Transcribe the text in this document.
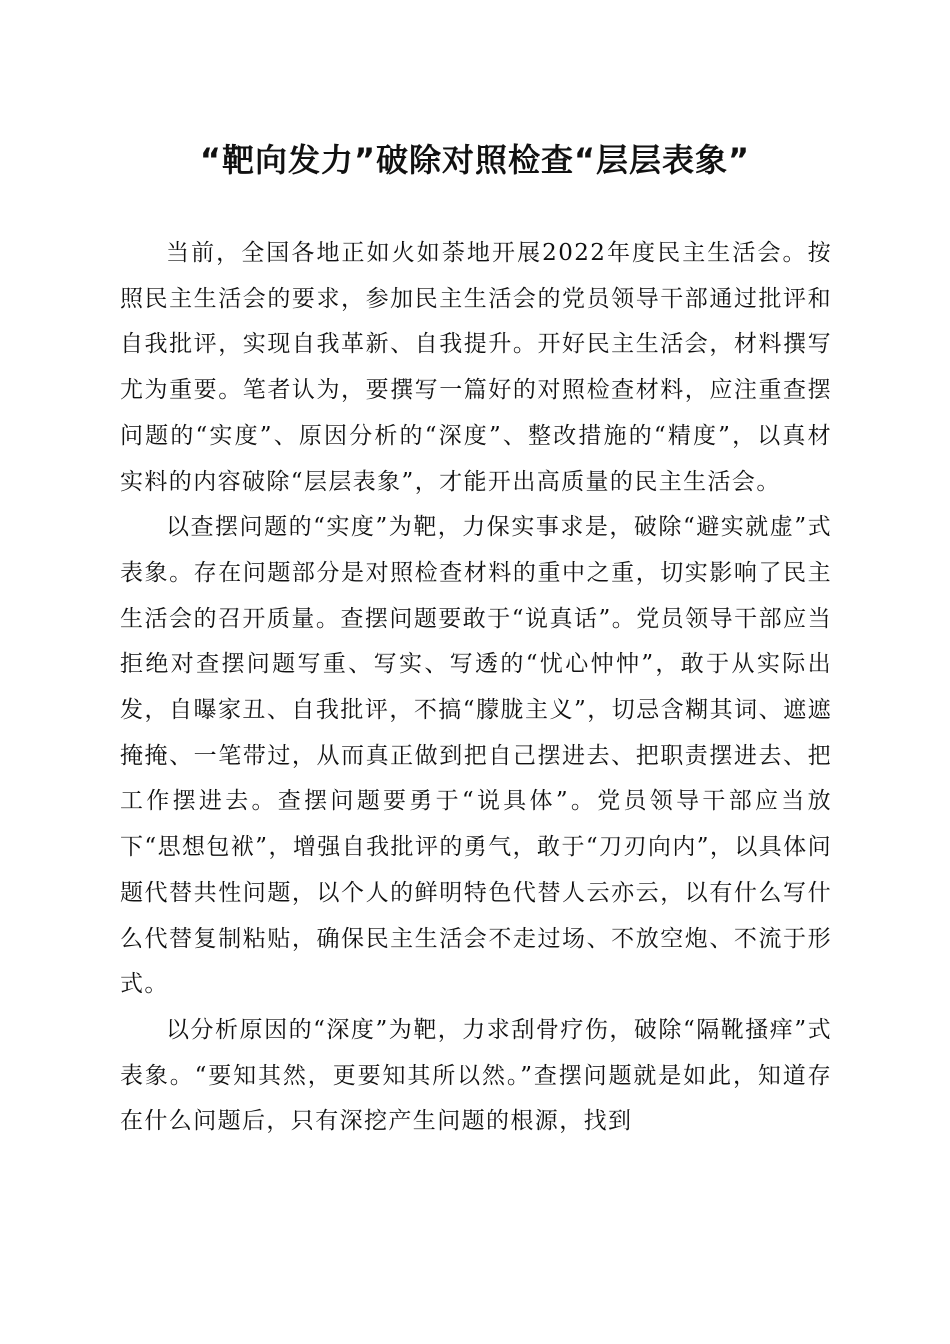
“靶向发力”破除对照检查“层层表象”

当前，全国各地正如火如荼地开展2022年度民主生活会。按照民主生活会的要求，参加民主生活会的党员领导干部通过批评和自我批评，实现自我革新、自我提升。开好民主生活会，材料撰写尤为重要。笔者认为，要撰写一篇好的对照检查材料，应注重查摆问题的“实度”、原因分析的“深度”、整改措施的“精度”，以真材实料的内容破除“层层表象”，才能开出高质量的民主生活会。

以查摆问题的“实度”为靶，力保实事求是，破除“避实就虚”式表象。存在问题部分是对照检查材料的重中之重，切实影响了民主生活会的召开质量。查摆问题要敢于“说真话”。党员领导干部应当拒绝对查摆问题写重、写实、写透的“忧心忡忡”，敢于从实际出发，自曝家丑、自我批评，不搞“朦胧主义”，切忌含糊其词、遮遮掩掩、一笔带过，从而真正做到把自己摆进去、把职责摆进去、把工作摆进去。查摆问题要勇于“说具体”。党员领导干部应当放下“思想包袱”，增强自我批评的勇气，敢于“刀刃向内”，以具体问题代替共性问题，以个人的鲜明特色代替人云亦云，以有什么写什么代替复制粘贴，确保民主生活会不走过场、不放空炮、不流于形式。

以分析原因的“深度”为靶，力求刮骨疗伤，破除“隔靴搔痒”式表象。“要知其然，更要知其所以然。”查摆问题就是如此，知道存在什么问题后，只有深挖产生问题的根源，找到
